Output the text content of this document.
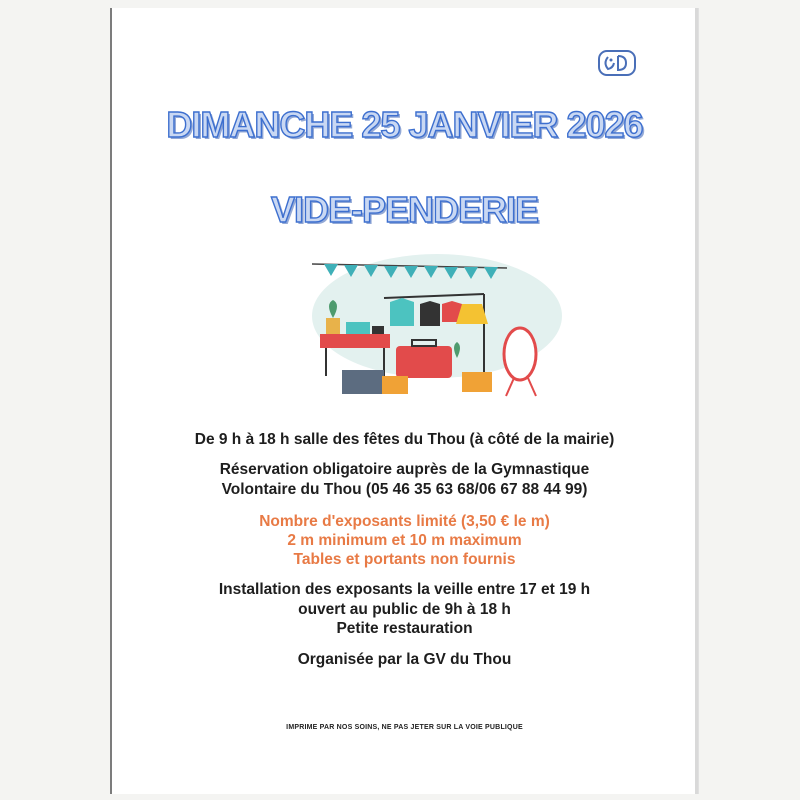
DIMANCHE 25 JANVIER 2026
VIDE-PENDERIE
De 9 h à 18 h salle des fêtes du Thou (à côté de la mairie)
Réservation obligatoire auprès de la Gymnastique
Volontaire du Thou (05 46 35 63 68/06 67 88 44 99)
Nombre d'exposants limité (3,50 € le m)
2 m minimum et 10 m maximum
Tables et portants non fournis
Installation des exposants la veille entre 17 et 19 h
ouvert au public de 9h à 18 h
Petite restauration
Organisée par la GV du Thou
IMPRIME PAR NOS SOINS, NE PAS JETER SUR LA VOIE PUBLIQUE
